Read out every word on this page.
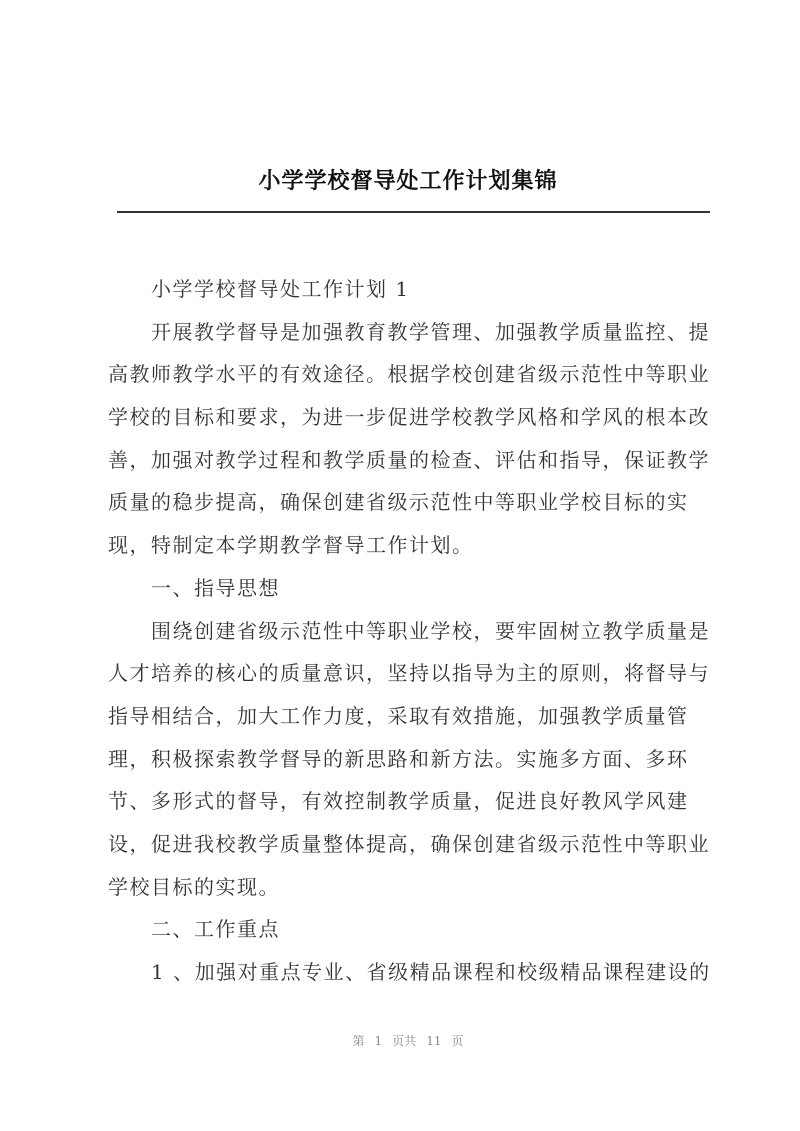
小学学校督导处工作计划集锦
小学学校督导处工作计划 1
开展教学督导是加强教育教学管理、加强教学质量监控、提
高教师教学水平的有效途径。根据学校创建省级示范性中等职业
学校的目标和要求，为进一步促进学校教学风格和学风的根本改
善，加强对教学过程和教学质量的检查、评估和指导，保证教学
质量的稳步提高，确保创建省级示范性中等职业学校目标的实
现，特制定本学期教学督导工作计划。
一、指导思想
围绕创建省级示范性中等职业学校，要牢固树立教学质量是
人才培养的核心的质量意识，坚持以指导为主的原则，将督导与
指导相结合，加大工作力度，采取有效措施，加强教学质量管
理，积极探索教学督导的新思路和新方法。实施多方面、多环
节、多形式的督导，有效控制教学质量，促进良好教风学风建
设，促进我校教学质量整体提高，确保创建省级示范性中等职业
学校目标的实现。
二、工作重点
1 、加强对重点专业、省级精品课程和校级精品课程建设的
第 1 页共 11 页
